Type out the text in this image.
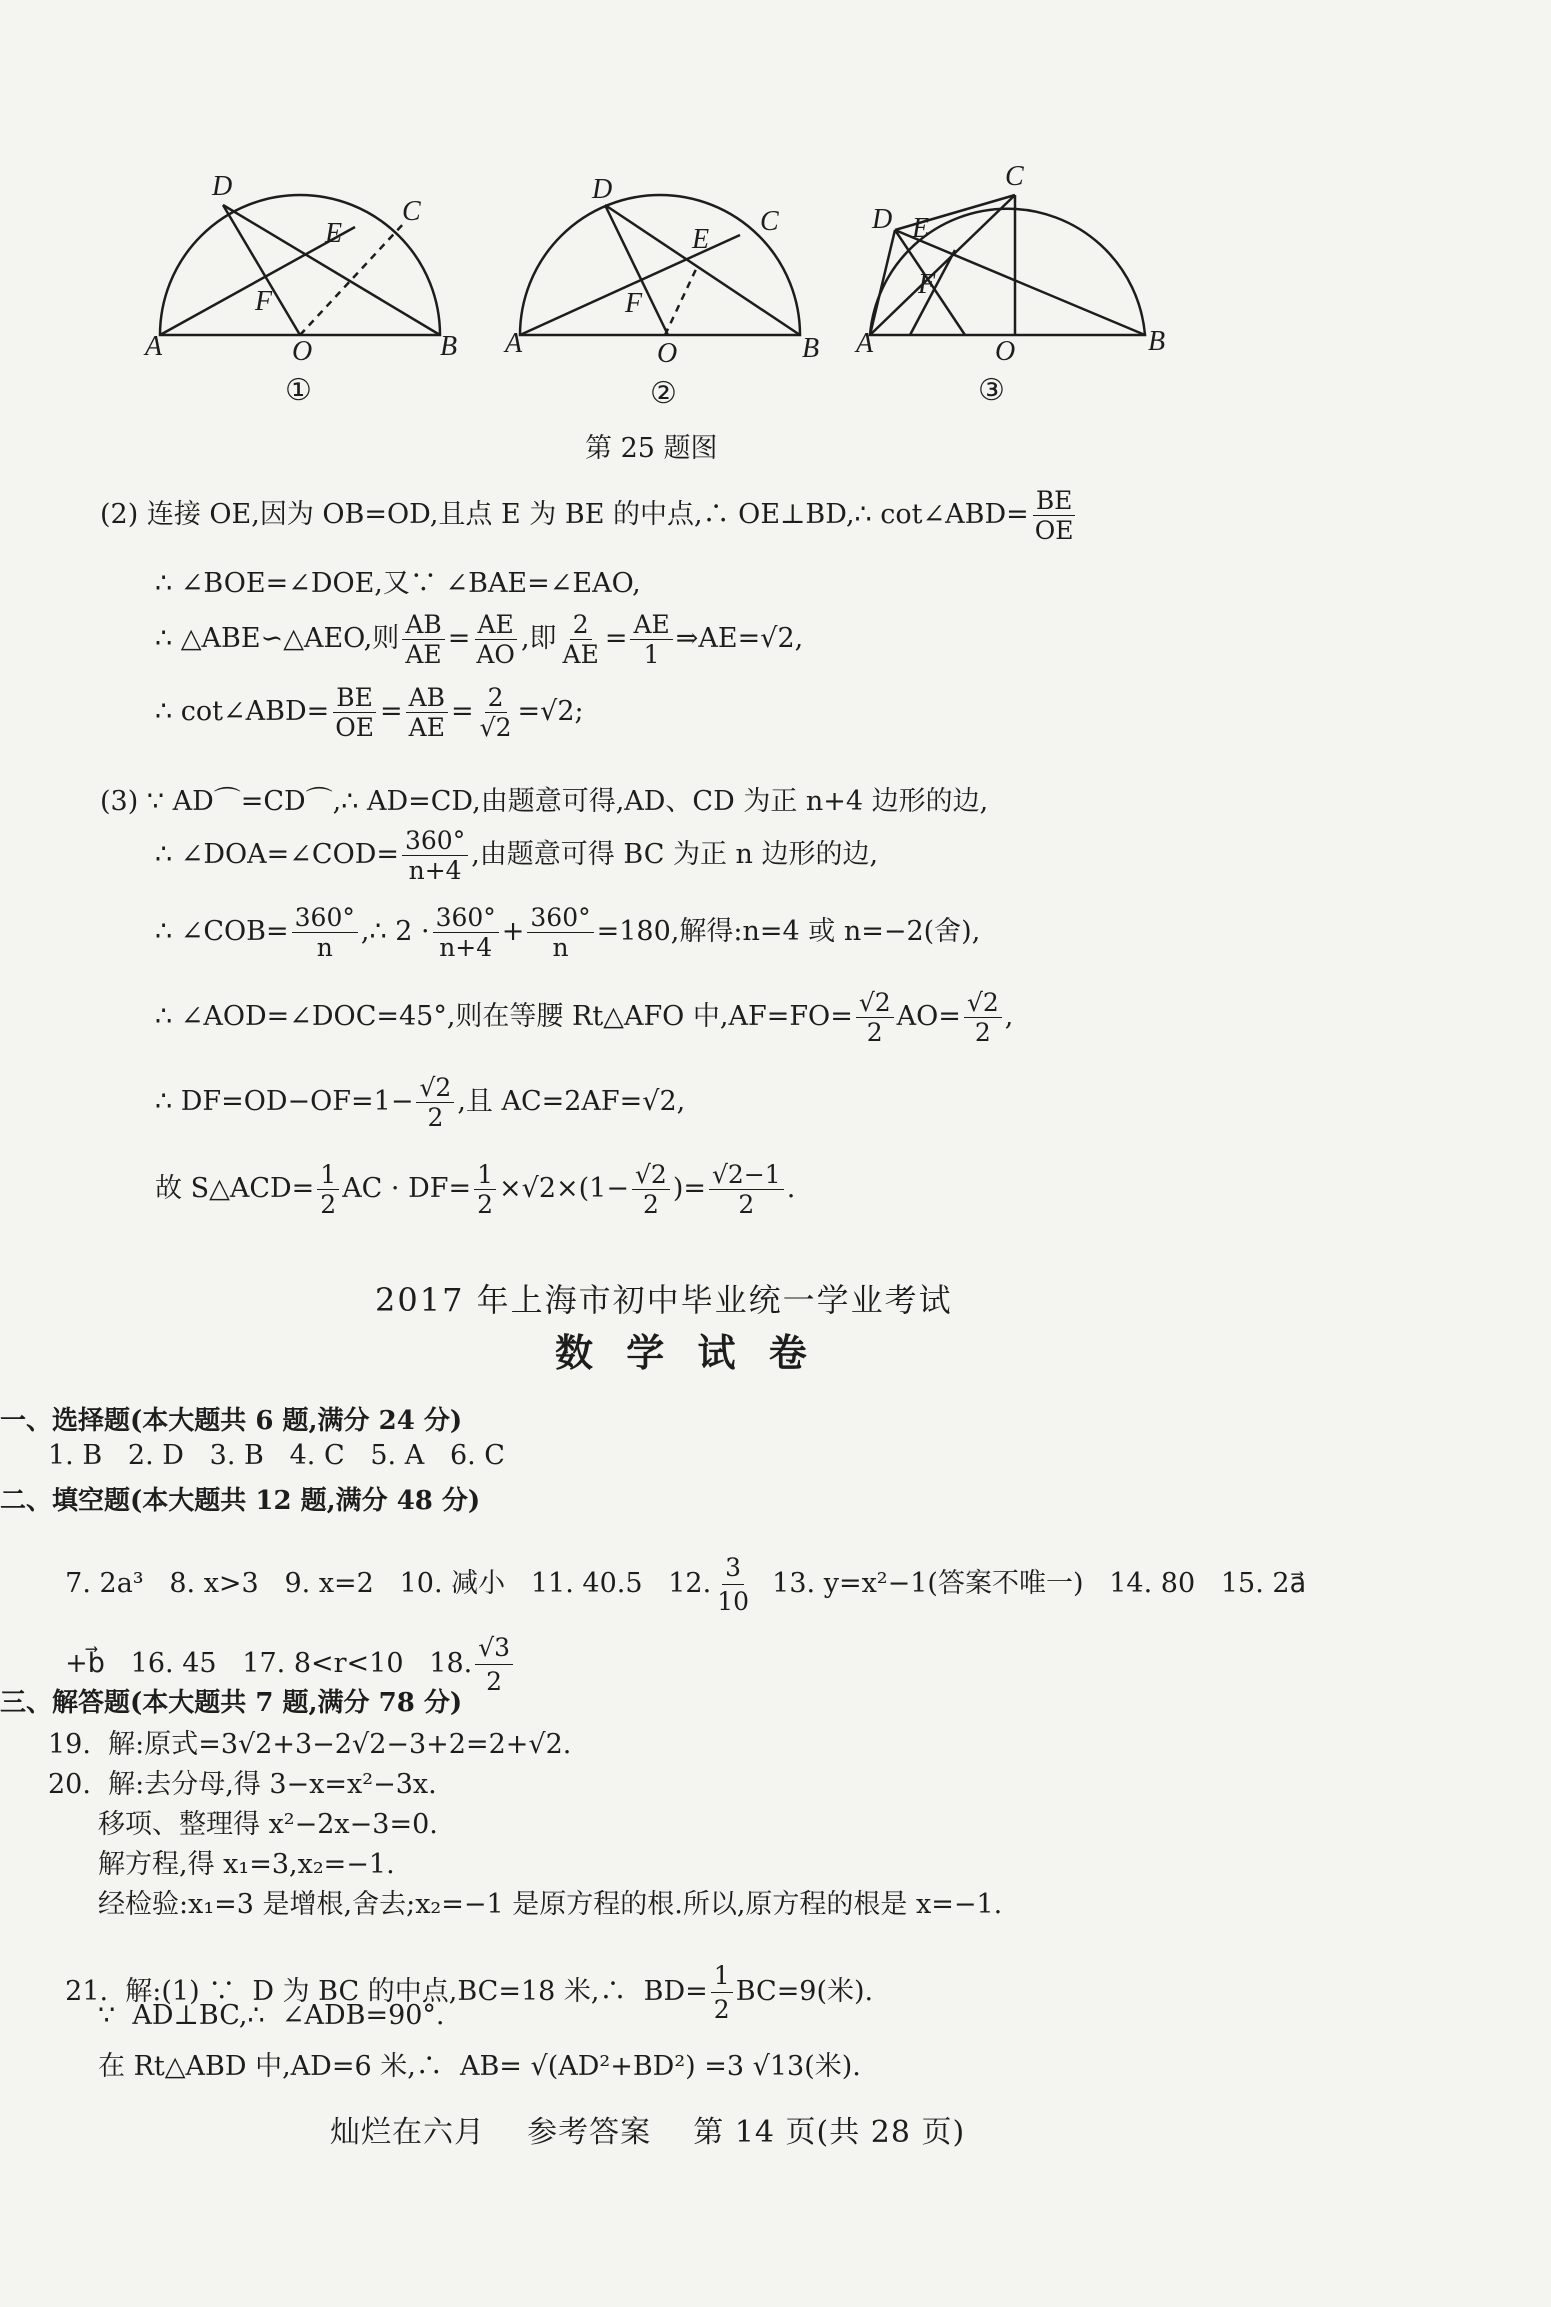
A	B
C
D
E
F
O
①
A	B
C
D
E
F
O
②
A	B
C
D E
F
O
③
第 25 题图
(2) 连接 OE,因为 OB=OD,且点 E 为 BE 的中点,∴ OE⊥BD,∴ cot∠ABD= $\frac{BE}{OE}$
∴ ∠BOE=∠DOE,又∵ ∠BAE=∠EAO,
∴ △ABE∽△AEO,则 $\frac{AB}{AE} = \frac{AE}{AO}$ ,即 $\frac{2}{AE} = \frac{AE}{1}$ ⇒AE=√2,
∴ cot∠ABD= $\frac{BE}{OE} = \frac{AB}{AE} = \frac{2}{√2} =√2$;
(3) ∵ AD⌒=CD⌒,∴ AD=CD,由题意可得,AD、CD 为正 n+4 边形的边,
∴ ∠DOA=∠COD= $\frac{360^\circ}{n+4}$ ,由题意可得 BC 为正 n 边形的边,
∴ ∠COB= $\frac{360^\circ}{n}$ ,∴ $2 \cdot \frac{360^\circ}{n+4} + \frac{360^\circ}{n} =180$,解得:n=4 或 n=−2(舍),
∴ ∠AOD=∠DOC=45°,则在等腰 Rt△AFO 中$,AF=FO= \frac{√2}{2} AO= \frac{√2}{2}$ ,
∴ $DF=OD-OF=1- \frac{√2}{2}$ ,且 AC=2AF=√2,
故 S△ACD= $\frac{1}{2}$ AC · $DF= \frac{1}{2} \times√2\times(1- \frac{√2}{2}$ )= $\frac{√2-1}{2}$ .
2017 年上海市初中毕业统一学业考试
数 学 试 卷
一、选择题(本大题共 6 题,满分 24 分)
1. B   2. D   3. B   4. C   5. A   6. C
二、填空题(本大题共 12 题,满分 48 分)

7. 2a³   8. x>3   9. x=2   10. 减小   11. 40.5   12. $\frac{3}{10} 13$. y=x²−1(答案不唯一)   14. 80   15. 2a⃗

+b⃗   16. 45   17. 8<r<10   18. $\frac{√3}{2}$

三、解答题(本大题共 7 题,满分 78 分)
19.  解:原式=3√2+3−2√2−3+2=2+√2.
20.  解:去分母,得 3−x=x²−3x.
移项、整理得 x²−2x−3=0.
解方程,得 x₁=3,x₂=−1.
经检验:x₁=3 是增根,舍去;x₂=−1 是原方程的根.所以,原方程的根是 x=−1.

21.  解:(1) ∵  D 为 BC 的中点,BC=18 米,∴  $BD= \frac{1}{2} BC=9$(米).

∵  AD⊥BC,∴  ∠ADB=90°.
在 Rt△ABD 中,AD=6 米,∴  AB= √(AD²+BD²) =3 √13(米).
灿烂在六月    参考答案    第 14 页(共 28 页)
